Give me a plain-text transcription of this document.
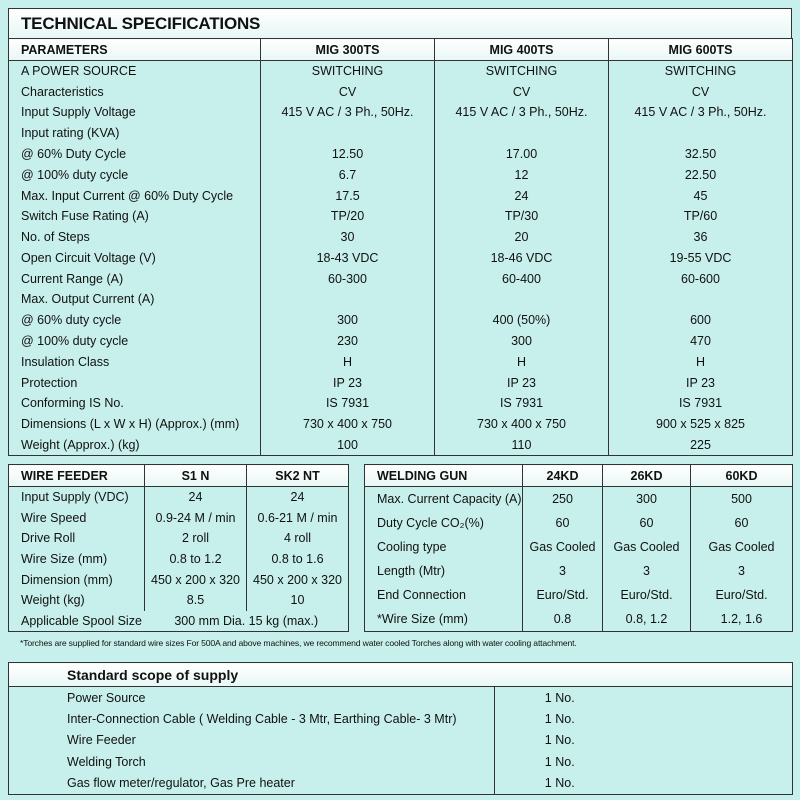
TECHNICAL SPECIFICATIONS
PARAMETERS	MIG 300TS	MIG 400TS	MIG 600TS
A POWER SOURCE	SWITCHING	SWITCHING	SWITCHING
Characteristics	CV	CV	CV
Input Supply Voltage	415 V AC / 3 Ph., 50Hz.	415 V AC / 3 Ph., 50Hz.	415 V AC / 3 Ph., 50Hz.
Input rating (KVA)			
@ 60% Duty Cycle	12.50	17.00	32.50
@ 100% duty cycle	6.7	12	22.50
Max. Input Current @ 60% Duty Cycle	17.5	24	45
Switch Fuse Rating (A)	TP/20	TP/30	TP/60
No. of Steps	30	20	36
Open Circuit Voltage (V)	18-43 VDC	18-46 VDC	19-55 VDC
Current Range (A)	60-300	60-400	60-600
Max. Output Current (A)			
@ 60% duty cycle	300	400 (50%)	600
@ 100% duty cycle	230	300	470
Insulation Class	H	H	H
Protection	IP 23	IP 23	IP 23
Conforming IS No.	IS 7931	IS 7931	IS 7931
Dimensions (L x W x H) (Approx.) (mm)	730 x 400 x 750	730 x 400 x 750	900 x 525 x 825
Weight (Approx.) (kg)	100	110	225
WIRE FEEDER	S1 N	SK2 NT
Input Supply (VDC)	24	24
Wire Speed	0.9-24 M / min	0.6-21 M / min
Drive Roll	2 roll	4 roll
Wire Size (mm)	0.8 to 1.2	0.8 to 1.6
Dimension (mm)	450 x 200 x 320	450 x 200 x 320
Weight (kg)	8.5	10
Applicable Spool Size	300 mm Dia. 15 kg (max.)	
WELDING GUN	24KD	26KD	60KD
Max. Current Capacity (A)	250	300	500
Duty Cycle CO₂(%)	60	60	60
Cooling type	Gas Cooled	Gas Cooled	Gas Cooled
Length (Mtr)	3	3	3
End Connection	Euro/Std.	Euro/Std.	Euro/Std.
*Wire Size (mm)	0.8	0.8, 1.2	1.2, 1.6
*Torches are supplied for standard wire sizes For 500A and above machines, we recommend water cooled Torches along with water cooling attachment.
Standard scope of supply		
Power Source	1 No.	
Inter-Connection Cable ( Welding Cable - 3 Mtr, Earthing Cable- 3 Mtr)	1 No.	
Wire Feeder	1 No.	
Welding Torch	1 No.	
Gas flow meter/regulator, Gas Pre heater	1 No.	
